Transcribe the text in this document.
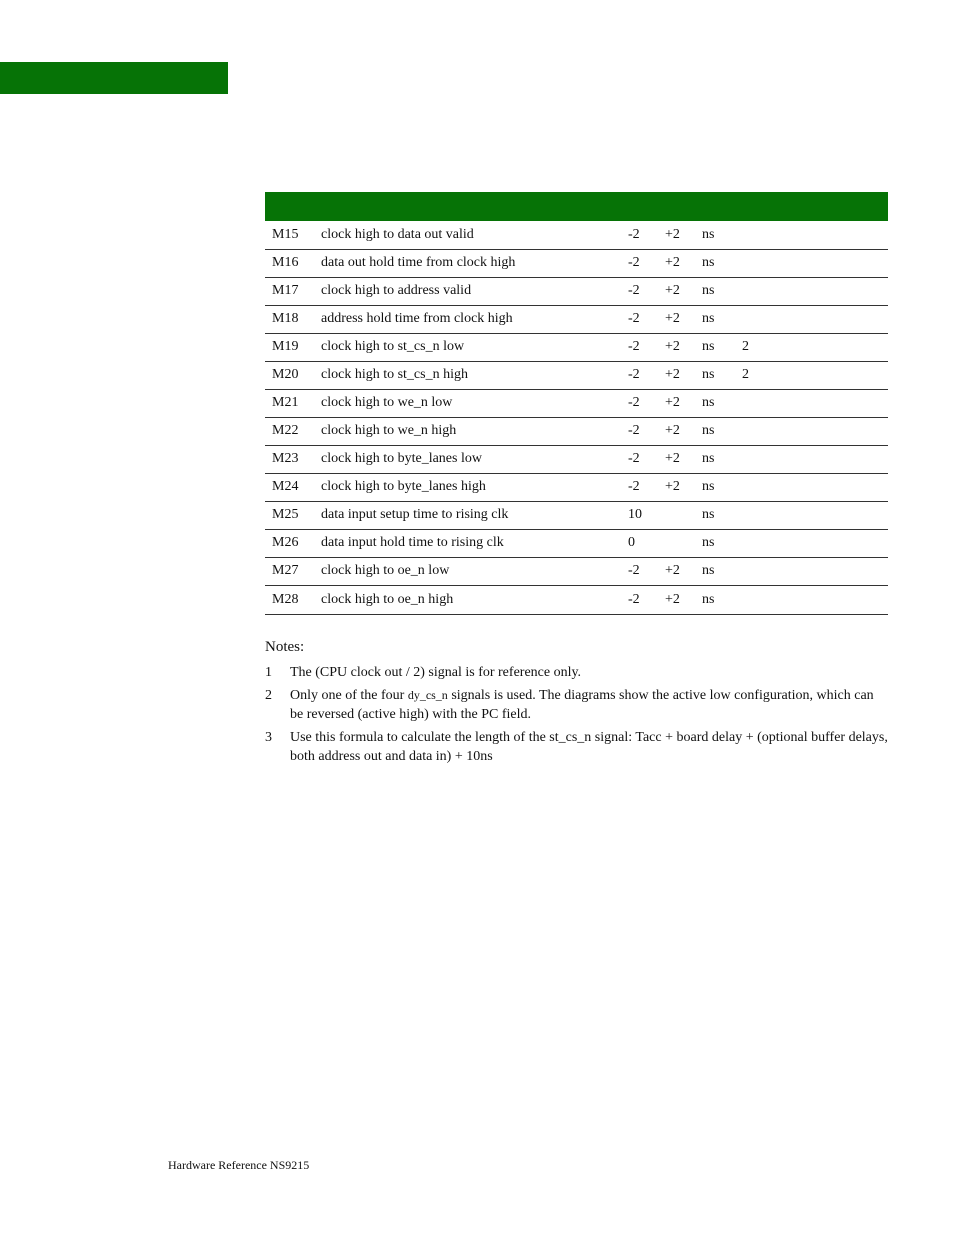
M15	clock high to data out valid	-2	+2	ns	
M16	data out hold time from clock high	-2	+2	ns	
M17	clock high to address valid	-2	+2	ns	
M18	address hold time from clock high	-2	+2	ns	
M19	clock high to st_cs_n low	-2	+2	ns	2
M20	clock high to st_cs_n high	-2	+2	ns	2
M21	clock high to we_n low	-2	+2	ns	
M22	clock high to we_n high	-2	+2	ns	
M23	clock high to byte_lanes low	-2	+2	ns	
M24	clock high to byte_lanes high	-2	+2	ns	
M25	data input setup time to rising clk	10		ns	
M26	data input hold time to rising clk	0		ns	
M27	clock high to oe_n low	-2	+2	ns	
M28	clock high to oe_n high	-2	+2	ns	
Notes:
1	The (CPU clock out / 2) signal is for reference only.
2	Only one of the four dy_cs_n signals is used. The diagrams show the active low configuration, which can be reversed (active high) with the PC field.
3	Use this formula to calculate the length of the st_cs_n signal: Tacc + board delay + (optional buffer delays, both address out and data in) + 10ns
Hardware Reference NS9215
